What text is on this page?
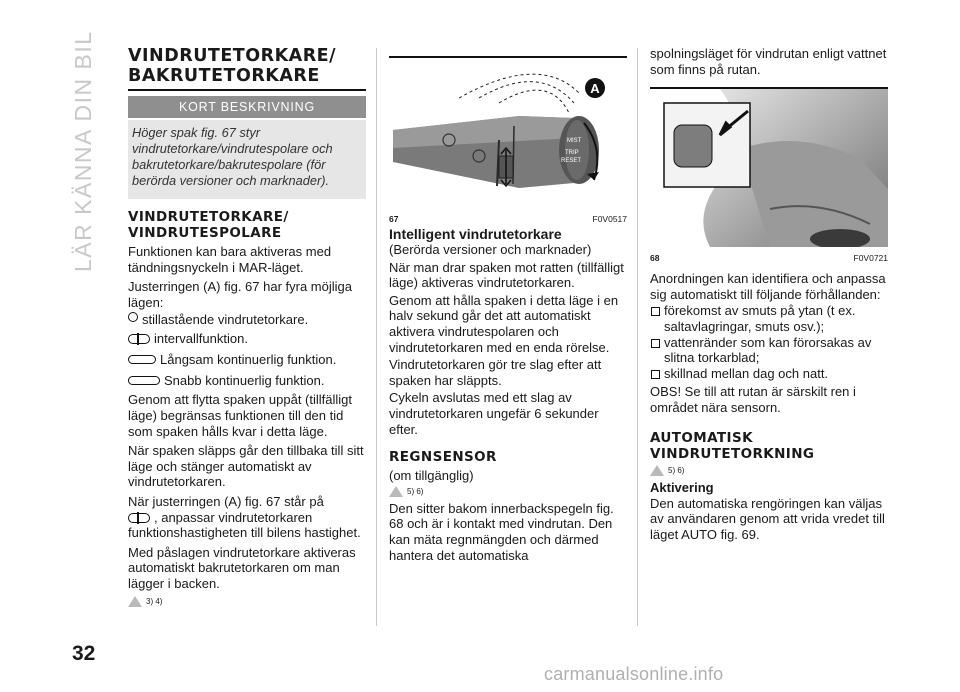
LÄR KÄNNA DIN BIL VINDRUTETORKARE/
BAKRUTETORKARE
KORT BESKRIVNING
Höger spak fig. 67 styr vindrutetorkare/vindrutespolare och bakrutetorkare/bakrutespolare (för berörda versioner och marknader).
VINDRUTETORKARE/
VINDRUTESPOLARE

Funktionen kan bara aktiveras med tändningsnyckeln i MAR-läget.

Justerringen (A) fig. 67 har fyra möjliga lägen:

stillastående vindrutetorkare.
intervallfunktion.
Långsam kontinuerlig funktion.
Snabb kontinuerlig funktion.

Genom att flytta spaken uppåt (tillfälligt läge) begränsas funktionen till den tid som spaken hålls kvar i detta läge.

När spaken släpps går den tillbaka till sitt läge och stänger automatiskt av vindrutetorkaren.

När justerringen (A) fig. 67 står på
, anpassar vindrutetorkaren funktionshastigheten till bilens hastighet.

Med påslagen vindrutetorkare aktiveras automatiskt bakrutetorkaren om man lägger i backen.

3) 4)
MIST
TRIP
RESET
A
67	F0V0517
Intelligent vindrutetorkare

(Berörda versioner och marknader)

När man drar spaken mot ratten (tillfälligt läge) aktiveras vindrutetorkaren.

Genom att hålla spaken i detta läge i en halv sekund går det att automatiskt aktivera vindrutespolaren och vindrutetorkaren med en enda rörelse.

Vindrutetorkaren gör tre slag efter att spaken har släppts.

Cykeln avslutas med ett slag av vindrutetorkaren ungefär 6 sekunder efter.

REGNSENSOR

(om tillgänglig)

5) 6)

Den sitter bakom innerbackspegeln fig. 68 och är i kontakt med vindrutan. Den kan mäta regnmängden och därmed hantera det automatiska

spolningsläget för vindrutan enligt vattnet som finns på rutan.

68	F0V0721

Anordningen kan identifiera och anpassa sig automatiskt till följande förhållanden:

förekomst av smuts på ytan (t ex. saltavlagringar, smuts osv.);
vattenränder som kan förorsakas av slitna torkarblad;
skillnad mellan dag och natt.

OBS! Se till att rutan är särskilt ren i området nära sensorn.

AUTOMATISK
VINDRUTETORKNING
5) 6)
Aktivering

Den automatiska rengöringen kan väljas av användaren genom att vrida vredet till läget AUTO fig. 69.

32
carmanualsonline.info
